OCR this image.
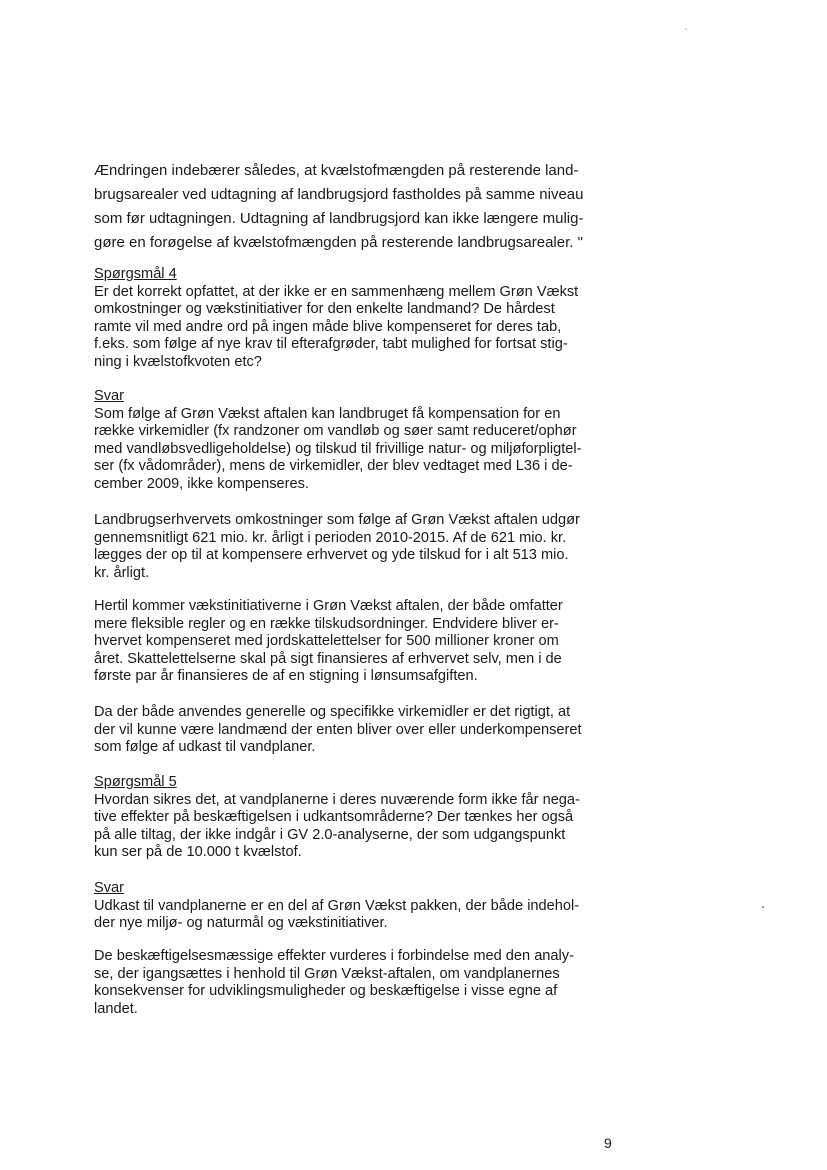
Ændringen indebærer således, at kvælstofmængden på resterende land-
brugsarealer ved udtagning af landbrugsjord fastholdes på samme niveau
som før udtagningen. Udtagning af landbrugsjord kan ikke længere mulig-
gøre en forøgelse af kvælstofmængden på resterende landbrugsarealer. "

Spørgsmål 4

Er det korrekt opfattet, at der ikke er en sammenhæng mellem Grøn Vækst
omkostninger og vækstinitiativer for den enkelte landmand? De hårdest
ramte vil med andre ord på ingen måde blive kompenseret for deres tab,
f.eks. som følge af nye krav til efterafgrøder, tabt mulighed for fortsat stig-
ning i kvælstofkvoten etc?

Svar

Som følge af Grøn Vækst aftalen kan landbruget få kompensation for en
række virkemidler (fx randzoner om vandløb og søer samt reduceret/ophør
med vandløbsvedligeholdelse) og tilskud til frivillige natur- og miljøforpligtel-
ser (fx vådområder), mens de virkemidler, der blev vedtaget med L36 i de-
cember 2009, ikke kompenseres.

Landbrugserhvervets omkostninger som følge af Grøn Vækst aftalen udgør
gennemsnitligt 621 mio. kr. årligt i perioden 2010-2015. Af de 621 mio. kr.
lægges der op til at kompensere erhvervet og yde tilskud for i alt 513 mio.
kr. årligt.

Hertil kommer vækstinitiativerne i Grøn Vækst aftalen, der både omfatter
mere fleksible regler og en række tilskudsordninger. Endvidere bliver er-
hvervet kompenseret med jordskattelettelser for 500 millioner kroner om
året. Skattelettelserne skal på sigt finansieres af erhvervet selv, men i de
første par år finansieres de af en stigning i lønsumsafgiften.

Da der både anvendes generelle og specifikke virkemidler er det rigtigt, at
der vil kunne være landmænd der enten bliver over eller underkompenseret
som følge af udkast til vandplaner.

Spørgsmål 5

Hvordan sikres det, at vandplanerne i deres nuværende form ikke får nega-
tive effekter på beskæftigelsen i udkantsområderne? Der tænkes her også
på alle tiltag, der ikke indgår i GV 2.0-analyserne, der som udgangspunkt
kun ser på de 10.000 t kvælstof.

Svar

Udkast til vandplanerne er en del af Grøn Vækst pakken, der både indehol-
der nye miljø- og naturmål og vækstinitiativer.

De beskæftigelsesmæssige effekter vurderes i forbindelse med den analy-
se, der igangsættes i henhold til Grøn Vækst-aftalen, om vandplanernes
konsekvenser for udviklingsmuligheder og beskæftigelse i visse egne af
landet.

9
